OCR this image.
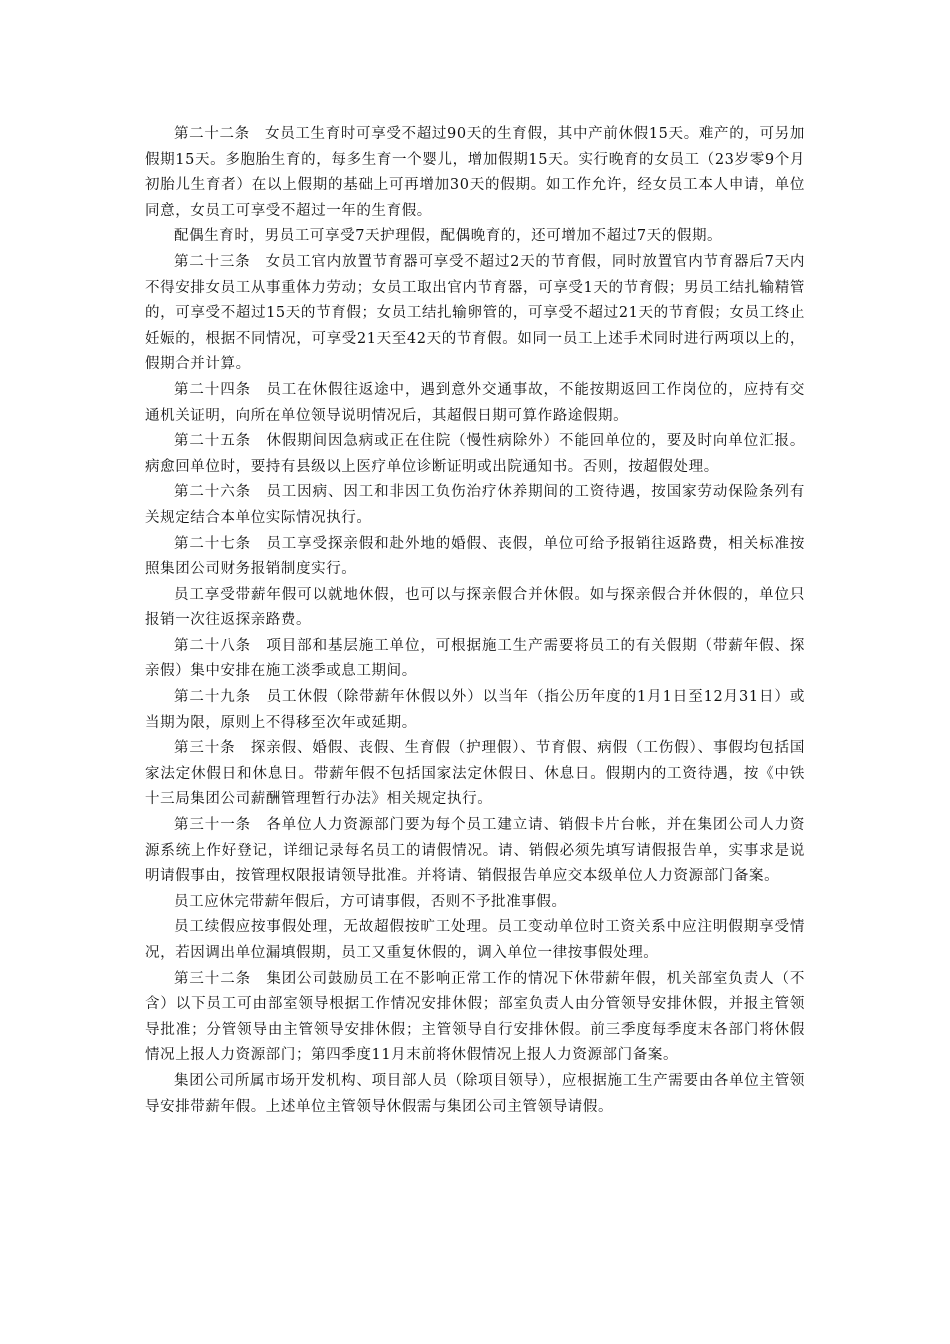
第二十二条　女员工生育时可享受不超过90天的生育假，其中产前休假15天。难产的，可另加假期15天。多胞胎生育的，每多生育一个婴儿，增加假期15天。实行晚育的女员工（23岁零9个月初胎儿生育者）在以上假期的基础上可再增加30天的假期。如工作允许，经女员工本人申请，单位同意，女员工可享受不超过一年的生育假。

配偶生育时，男员工可享受7天护理假，配偶晚育的，还可增加不超过7天的假期。

第二十三条　女员工官内放置节育器可享受不超过2天的节育假，同时放置官内节育器后7天内不得安排女员工从事重体力劳动；女员工取出官内节育器，可享受1天的节育假；男员工结扎输精管的，可享受不超过15天的节育假；女员工结扎输卵管的，可享受不超过21天的节育假；女员工终止妊娠的，根据不同情况，可享受21天至42天的节育假。如同一员工上述手术同时进行两项以上的，假期合并计算。

第二十四条　员工在休假往返途中，遇到意外交通事故，不能按期返回工作岗位的，应持有交通机关证明，向所在单位领导说明情况后，其超假日期可算作路途假期。

第二十五条　休假期间因急病或正在住院（慢性病除外）不能回单位的，要及时向单位汇报。病愈回单位时，要持有县级以上医疗单位诊断证明或出院通知书。否则，按超假处理。

第二十六条　员工因病、因工和非因工负伤治疗休养期间的工资待遇，按国家劳动保险条列有关规定结合本单位实际情况执行。

第二十七条　员工享受探亲假和赴外地的婚假、丧假，单位可给予报销往返路费，相关标准按照集团公司财务报销制度实行。

员工享受带薪年假可以就地休假，也可以与探亲假合并休假。如与探亲假合并休假的，单位只报销一次往返探亲路费。

第二十八条　项目部和基层施工单位，可根据施工生产需要将员工的有关假期（带薪年假、探亲假）集中安排在施工淡季或息工期间。

第二十九条　员工休假（除带薪年休假以外）以当年（指公历年度的1月1日至12月31日）或当期为限，原则上不得移至次年或延期。

第三十条　探亲假、婚假、丧假、生育假（护理假）、节育假、病假（工伤假）、事假均包括国家法定休假日和休息日。带薪年假不包括国家法定休假日、休息日。假期内的工资待遇，按《中铁十三局集团公司薪酬管理暂行办法》相关规定执行。

第三十一条　各单位人力资源部门要为每个员工建立请、销假卡片台帐，并在集团公司人力资源系统上作好登记，详细记录每名员工的请假情况。请、销假必须先填写请假报告单，实事求是说明请假事由，按管理权限报请领导批准。并将请、销假报告单应交本级单位人力资源部门备案。

员工应休完带薪年假后，方可请事假，否则不予批准事假。

员工续假应按事假处理，无故超假按旷工处理。员工变动单位时工资关系中应注明假期享受情况，若因调出单位漏填假期，员工又重复休假的，调入单位一律按事假处理。

第三十二条　集团公司鼓励员工在不影响正常工作的情况下休带薪年假，机关部室负责人（不含）以下员工可由部室领导根据工作情况安排休假；部室负责人由分管领导安排休假，并报主管领导批准；分管领导由主管领导安排休假；主管领导自行安排休假。前三季度每季度末各部门将休假情况上报人力资源部门；第四季度11月末前将休假情况上报人力资源部门备案。

集团公司所属市场开发机构、项目部人员（除项目领导），应根据施工生产需要由各单位主管领导安排带薪年假。上述单位主管领导休假需与集团公司主管领导请假。
